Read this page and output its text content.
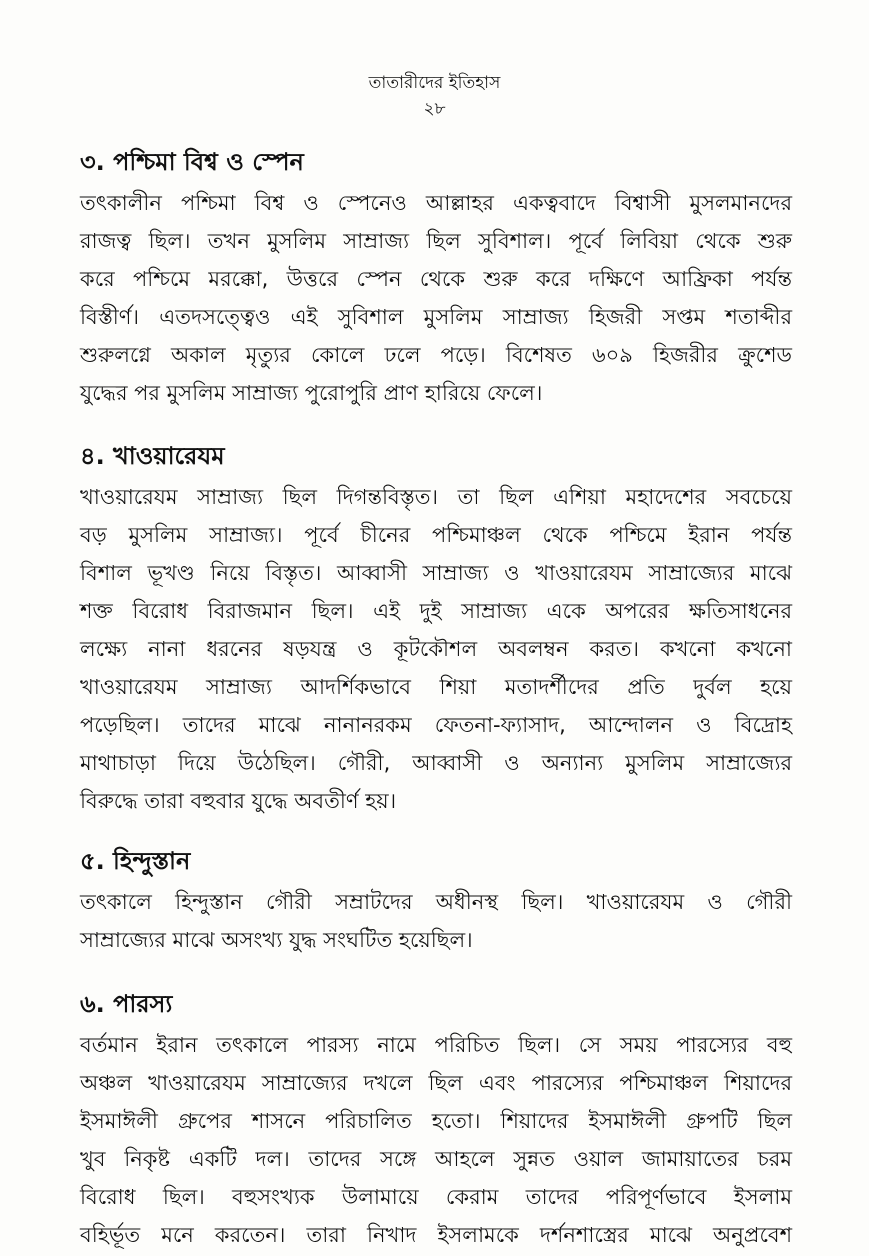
তাতারীদের ইতিহাস
২৮
৩. পশ্চিমা বিশ্ব ও স্পেন
তৎকালীন পশ্চিমা বিশ্ব ও স্পেনেও আল্লাহর একত্ববাদে বিশ্বাসী মুসলমানদের
রাজত্ব ছিল। তখন মুসলিম সাম্রাজ্য ছিল সুবিশাল। পূর্বে লিবিয়া থেকে শুরু
করে পশ্চিমে মরক্কো, উত্তরে স্পেন থেকে শুরু করে দক্ষিণে আফ্রিকা পর্যন্ত
বিস্তীর্ণ। এতদসত্ত্বেও এই সুবিশাল মুসলিম সাম্রাজ্য হিজরী সপ্তম শতাব্দীর
শুরুলগ্নে অকাল মৃত্যুর কোলে ঢলে পড়ে। বিশেষত ৬০৯ হিজরীর ক্রুশেড
যুদ্ধের পর মুসলিম সাম্রাজ্য পুরোপুরি প্রাণ হারিয়ে ফেলে।
৪. খাওয়ারেযম
খাওয়ারেযম সাম্রাজ্য ছিল দিগন্তবিস্তৃত। তা ছিল এশিয়া মহাদেশের সবচেয়ে
বড় মুসলিম সাম্রাজ্য। পূর্বে চীনের পশ্চিমাঞ্চল থেকে পশ্চিমে ইরান পর্যন্ত
বিশাল ভূখণ্ড নিয়ে বিস্তৃত। আব্বাসী সাম্রাজ্য ও খাওয়ারেযম সাম্রাজ্যের মাঝে
শক্ত বিরোধ বিরাজমান ছিল। এই দুই সাম্রাজ্য একে অপরের ক্ষতিসাধনের
লক্ষ্যে নানা ধরনের ষড়যন্ত্র ও কূটকৌশল অবলম্বন করত। কখনো কখনো
খাওয়ারেযম সাম্রাজ্য আদর্শিকভাবে শিয়া মতাদর্শীদের প্রতি দুর্বল হয়ে
পড়েছিল। তাদের মাঝে নানানরকম ফেতনা-ফ্যাসাদ, আন্দোলন ও বিদ্রোহ
মাথাচাড়া দিয়ে উঠেছিল। গৌরী, আব্বাসী ও অন্যান্য মুসলিম সাম্রাজ্যের
বিরুদ্ধে তারা বহুবার যুদ্ধে অবতীর্ণ হয়।
৫. হিন্দুস্তান
তৎকালে হিন্দুস্তান গৌরী সম্রাটদের অধীনস্থ ছিল। খাওয়ারেযম ও গৌরী
সাম্রাজ্যের মাঝে অসংখ্য যুদ্ধ সংঘটিত হয়েছিল।
৬. পারস্য
বর্তমান ইরান তৎকালে পারস্য নামে পরিচিত ছিল। সে সময় পারস্যের বহু
অঞ্চল খাওয়ারেযম সাম্রাজ্যের দখলে ছিল এবং পারস্যের পশ্চিমাঞ্চল শিয়াদের
ইসমাঈলী গ্রুপের শাসনে পরিচালিত হতো। শিয়াদের ইসমাঈলী গ্রুপটি ছিল
খুব নিকৃষ্ট একটি দল। তাদের সঙ্গে আহলে সুন্নত ওয়াল জামায়াতের চরম
বিরোধ ছিল। বহুসংখ্যক উলামায়ে কেরাম তাদের পরিপূর্ণভাবে ইসলাম
বহির্ভূত মনে করতেন। তারা নিখাদ ইসলামকে দর্শনশাস্ত্রের মাঝে অনুপ্রবেশ
